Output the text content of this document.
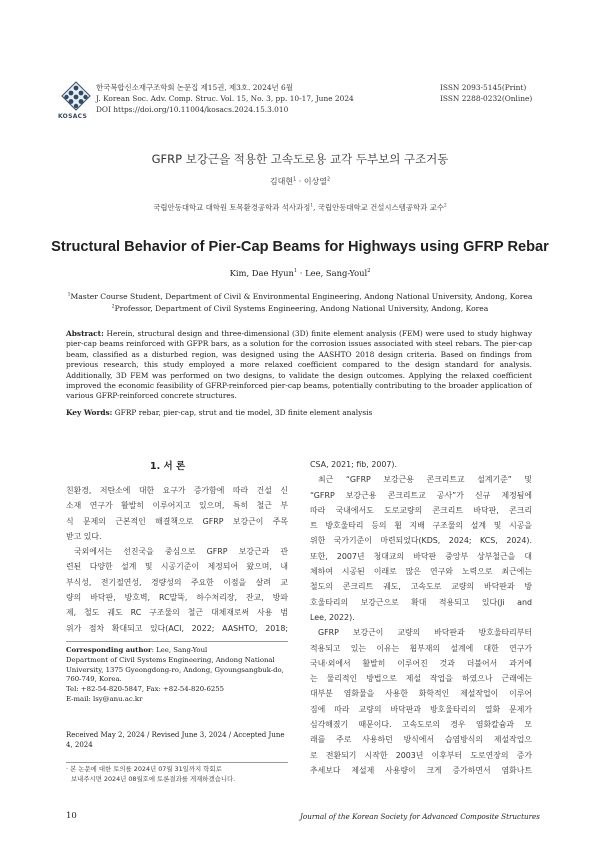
KOSACS
한국복합신소재구조학회 논문집 제15권, 제3호. 2024년 6월
J. Korean Soc. Adv. Comp. Struc. Vol. 15, No. 3, pp. 10-17, June 2024
DOI https://doi.org/10.11004/kosacs.2024.15.3.010
ISSN 2093-5145(Print)
ISSN 2288-0232(Online)
GFRP 보강근을 적용한 고속도로용 교각 두부보의 구조거동
김대현$^1$ · 이상열$^2$
국립안동대학교 대학원 토목환경공학과 석사과정$^1$, 국립안동대학교 건설시스템공학과 교수$^2$
Structural Behavior of Pier-Cap Beams for Highways using GFRP Rebar
Kim, Dae Hyun$^1$ · Lee, Sang-Youl$^2$
$^1$Master Course Student, Department of Civil & Environmental Engineering, Andong National University, Andong, Korea
$^2$Professor, Department of Civil Systems Engineering, Andong National University, Andong, Korea
Abstract: Herein, structural design and three-dimensional (3D) finite element analysis (FEM) were used to study highway pier-cap beams reinforced with GFPR bars, as a solution for the corrosion issues associated with steel rebars. The pier-cap beam, classified as a disturbed region, was designed using the AASHTO 2018 design criteria. Based on findings from previous research, this study employed a more relaxed coefficient compared to the design standard for analysis. Additionally, 3D FEM was performed on two designs, to validate the design outcomes. Applying the relaxed coefficient improved the economic feasibility of GFRP-reinforced pier-cap beams, potentially contributing to the broader application of various GFRP-reinforced concrete structures.
Key Words: GFRP rebar, pier-cap, strut and tie model, 3D finite element analysis
1. 서 론
친환경, 저탄소에 대한 요구가 증가함에 따라 건설 신
소재 연구가 활발히 이루어지고 있으며, 특히 철근 부
식 문제의 근본적인 해결책으로 GFRP 보강근이 주목
받고 있다.
국외에서는 선진국을 중심으로 GFRP 보강근과 관
련된 다양한 설계 및 시공기준이 제정되어 왔으며, 내
부식성, 전기절연성, 경량성의 주요한 이점을 살려 교
량의 바닥판, 방호벽, RC말뚝, 하수처리장, 잔교, 방파
제, 철도 궤도 RC 구조물의 철근 대체재로써 사용 범
위가 점차 확대되고 있다(ACI, 2022; AASHTO, 2018;
Corresponding author: Lee, Sang-Youl
Department of Civil Systems Engineering, Andong National
University, 1375 Gyeongdong-ro, Andong, Gyoungsangbuk-do,
760-749, Korea.
Tel: +82-54-820-5847, Fax: +82-54-820-6255
E-mail: lsy@anu.ac.kr
Received May 2, 2024 / Revised June 3, 2024 / Accepted June 4, 2024
· 본 논문에 대한 토의를 2024년 07월 31일까지 학회로
보내주시면 2024년 08월호에 토론결과를 게재하겠습니다.
CSA, 2021; fib, 2007).
최근 “GFRP 보강근용 콘크리트교 설계기준” 및
“GFRP 보강근용 콘크리트교 공사”가 신규 제정됨에
따라 국내에서도 도로교량의 콘크리트 바닥판, 콘크리
트 방호울타리 등의 휨 지배 구조물의 설계 및 시공을
위한 국가기준이 마련되었다(KDS, 2024; KCS, 2024).
또한, 2007년 청대교의 바닥판 중앙부 상부철근을 대
체하여 시공된 이래로 많은 연구와 노력으로 최근에는
철도의 콘크리트 궤도, 고속도로 교량의 바닥판과 방
호울타리의 보강근으로 확대 적용되고 있다(Ji and
Lee, 2022).
GFRP 보강근이 교량의 바닥판과 방호울타리부터
적용되고 있는 이유는 휨부재의 설계에 대한 연구가
국내‧외에서 활발히 이루어진 것과 더불어서 과거에
는 물리적인 방법으로 제설 작업을 하였으나 근래에는
대부분 염화물을 사용한 화학적인 제설작업이 이루어
짐에 따라 교량의 바닥판과 방호울타리의 열화 문제가
심각해졌기 때문이다. 고속도로의 경우 염화칼슘과 모
래를 주로 사용하던 방식에서 습염방식의 제설작업으
로 전환되기 시작한 2003년 이후부터 도로연장의 증가
추세보다 제설제 사용량이 크게 증가하면서 염화나트
10	Journal of the Korean Society for Advanced Composite Structures
